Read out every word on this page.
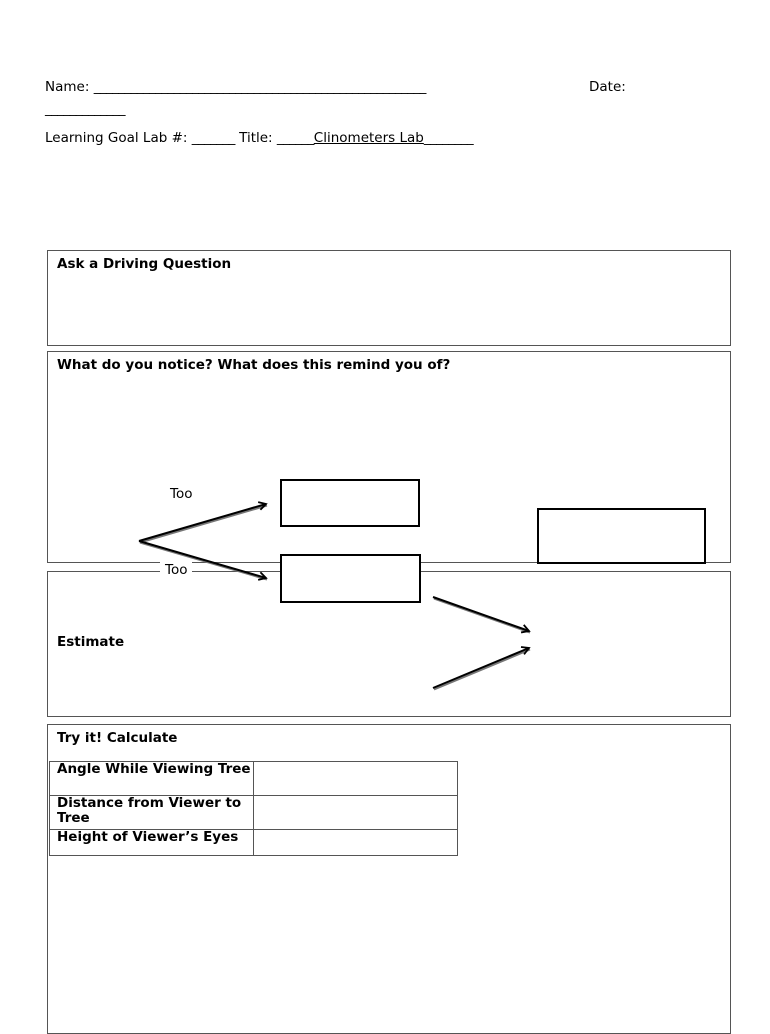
Name: ______________________________________________________	Date:
_____________
Learning Goal Lab #: _______ Title: ______Clinometers Lab________
Ask a Driving Question
What do you notice? What does this remind you of?
Estimate
Try it! Calculate
Angle While Viewing Tree	
Distance from Viewer to Tree	
Height of Viewer’s Eyes	
Too
Too
